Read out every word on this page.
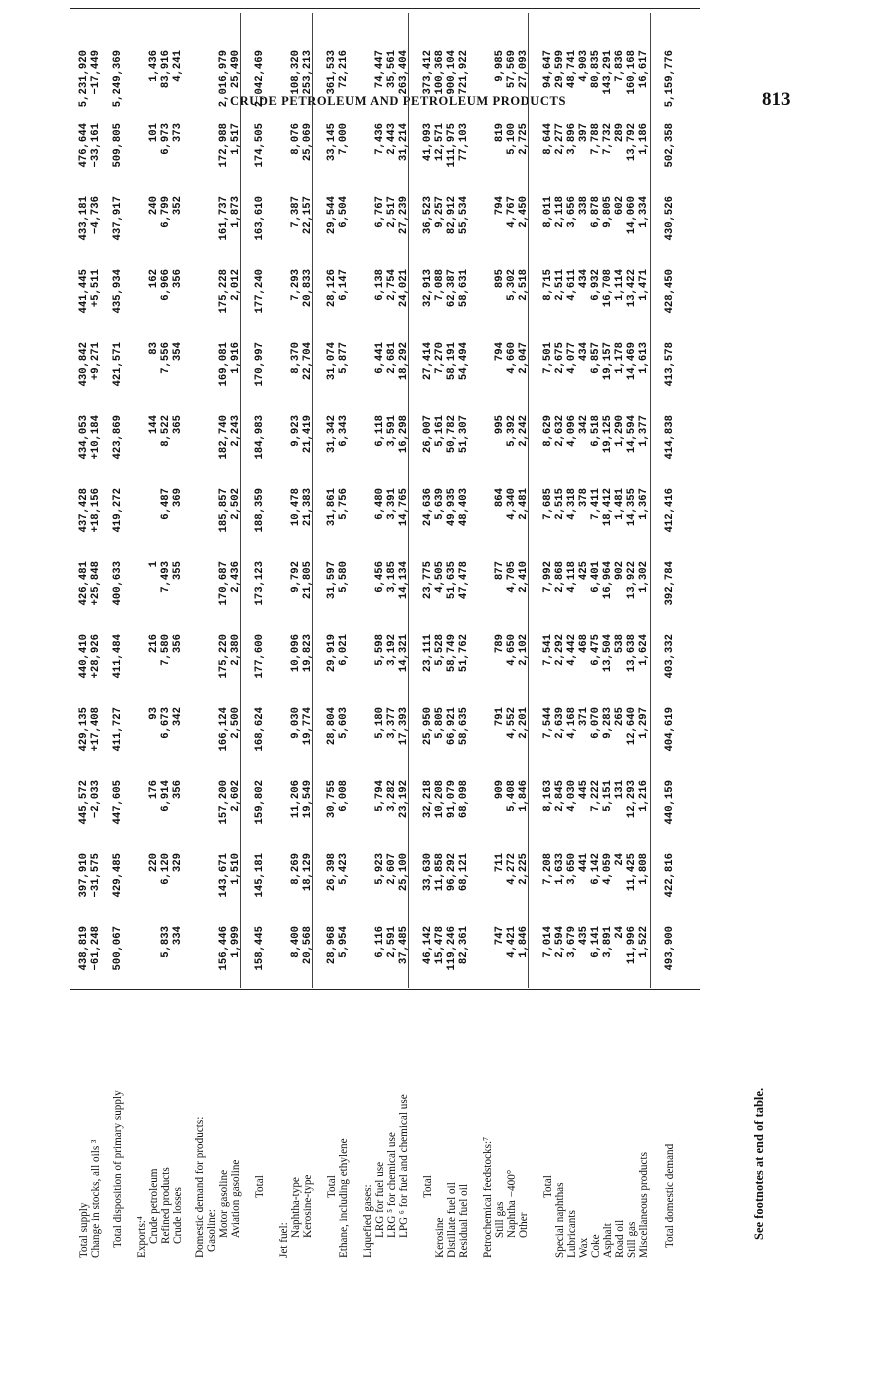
CRUDE PETROLEUM AND PETROLEUM PRODUCTS	813
Total supply Change in stocks, all oils ³ Total disposition of primary supply Exports:⁴ Crude petroleum Refined products Crude losses Domestic demand for products: Gasoline: Motor gasoline Aviation gasoline Total
Jet fuel:
Naphtha-type Kerosine-type Total Ethane, including ethylene Liquefied gases: LRG for fuel use LRG ⁵ for chemical use LPG ⁶ for fuel and chemical use Total
Kerosine Distillate fuel oil Residual fuel oil Petrochemical feedstocks:⁷ Still gas Naphtha −400° Other
Total Special naphthas Lubricants Wax Coke Asphalt Road oil Still gas Miscellaneous products Total domestic demand
438,819
397,910
445,572
429,135
440,410
426,481
437,428
434,053
430,842
441,445
433,181
476,644
5,231,920
−61,248
−31,575
−2,033
+17,408
+28,926
+25,848
+18,156
+10,184
+9,271
+5,511
−4,736
−33,161
−17,449
500,067
429,485
447,605
411,727
411,484
400,633
419,272
423,869
421,571
435,934
437,917
509,805
5,249,369
220
176
93
216
1
144
83
162
240
101
1,436
5,833
6,120
6,914
6,673
7,580
7,493
6,487
8,522
7,556
6,966
6,799
6,973
83,916
334
329
356
342
356
355
369
365
354
356
352
373
4,241
156,446
143,671
157,200
166,124
175,220
170,687
185,857
182,740
169,081
175,228
161,737
172,988
2,016,979
1,999
1,510
2,602
2,500
2,380
2,436
2,502
2,243
1,916
2,012
1,873
1,517
25,490
158,445
145,181
159,802
168,624
177,600
173,123
188,359
184,983
170,997
177,240
163,610
174,505
2,042,469
8,400
8,269
11,206
9,030
10,096
9,792
10,478
9,923
8,370
7,293
7,387
8,076
108,320
20,568
18,129
19,549
19,774
19,823
21,805
21,383
21,419
22,704
20,833
22,157
25,069
253,213
28,968
26,398
30,755
28,804
29,919
31,597
31,861
31,342
31,074
28,126
29,544
33,145
361,533
5,954
5,423
6,008
5,603
6,021
5,580
5,756
6,343
5,877
6,147
6,504
7,000
72,216
6,116
5,923
5,794
5,180
5,598
6,456
6,480
6,118
6,441
6,138
6,767
7,436
74,447
2,591
2,607
3,282
3,377
3,192
3,185
3,391
3,591
2,681
2,754
2,517
2,443
35,561
37,485
25,100
23,192
17,393
14,321
14,134
14,765
16,298
18,292
24,021
27,239
31,214
263,404
46,142
33,630
32,218
25,950
23,111
23,775
24,636
26,007
27,414
32,913
36,523
41,093
373,412
15,478
11,858
10,208
5,805
5,528
4,505
5,639
5,161
7,270
7,088
9,257
12,571
100,368
119,246
96,292
91,079
66,921
58,749
51,635
49,935
50,782
58,191
62,387
82,912
111,975
900,104
82,361
68,121
68,098
58,635
51,762
47,478
48,403
51,307
54,494
58,631
55,534
77,103
721,922
747
711
909
791
789
877
864
995
794
895
794
819
9,985
4,421
4,272
5,408
4,552
4,650
4,705
4,340
5,392
4,660
5,302
4,767
5,100
57,569
1,846
2,225
1,846
2,201
2,102
2,410
2,481
2,242
2,047
2,518
2,450
2,725
27,093
7,014
7,208
8,163
7,544
7,541
7,992
7,685
8,629
7,501
8,715
8,011
8,644
94,647
2,594
1,633
2,845
2,639
2,292
2,868
2,515
2,632
2,675
2,511
2,118
2,277
29,599
3,679
3,650
4,030
4,168
4,442
4,118
4,318
4,096
4,077
4,611
3,656
3,896
48,741
435
441
445
371
468
425
378
342
434
434
338
397
4,903
6,141
6,142
7,222
6,070
6,475
6,401
7,411
6,518
6,857
6,932
6,878
7,788
80,835
3,891
4,059
5,151
9,283
13,504
16,964
18,412
19,125
19,157
16,708
9,805
7,732
143,291
24
24
131
265
538
902
1,481
1,290
1,178
1,114
602
289
7,836
11,996
11,425
12,293
12,640
13,638
13,922
14,355
14,594
14,469
13,422
14,060
13,792
160,168
1,522
1,808
1,216
1,297
1,624
1,302
1,367
1,377
1,613
1,471
1,334
1,186
16,617
493,900
422,816
440,159
404,619
403,332
392,784
412,416
414,838
413,578
428,450
430,526
502,358
5,159,776
See footnotes at end of table.
